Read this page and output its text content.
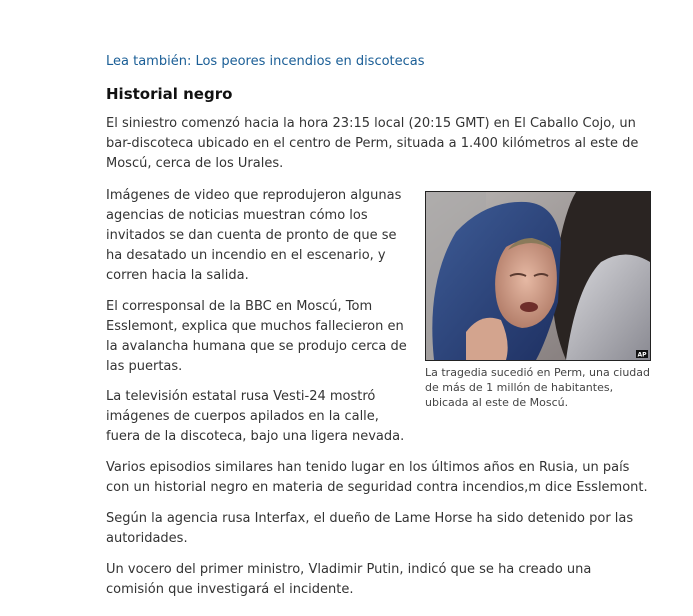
Lea también: Los peores incendios en discotecas
Historial negro

El siniestro comenzó hacia la hora 23:15 local (20:15 GMT) en El Caballo Cojo, un bar-discoteca ubicado en el centro de Perm, situada a 1.400 kilómetros al este de Moscú, cerca de los Urales.

Imágenes de video que reprodujeron algunas agencias de noticias muestran cómo los invitados se dan cuenta de pronto de que se ha desatado un incendio en el escenario, y corren hacia la salida.

El corresponsal de la BBC en Moscú, Tom Esslemont, explica que muchos fallecieron en la avalancha humana que se produjo cerca de las puertas.

La televisión estatal rusa Vesti-24 mostró imágenes de cuerpos apilados en la calle, fuera de la discoteca, bajo una ligera nevada.

AP

La tragedia sucedió en Perm, una ciudad de más de 1 millón de habitantes, ubicada al este de Moscú.

Varios episodios similares han tenido lugar en los últimos años en Rusia, un país con un historial negro en materia de seguridad contra incendios,m dice Esslemont.

Según la agencia rusa Interfax, el dueño de Lame Horse ha sido detenido por las autoridades.

Un vocero del primer ministro, Vladimir Putin, indicó que se ha creado una comisión que investigará el incidente.
